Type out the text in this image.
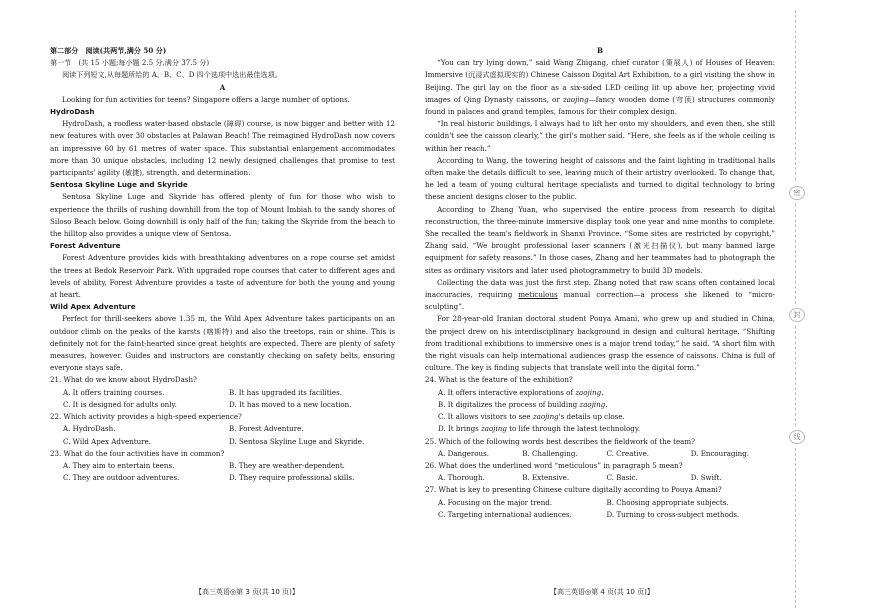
第二部分　阅读(共两节,满分 50 分)

第一节　(共 15 小题;每小题 2.5 分,满分 37.5 分)

阅读下列短文,从每题所给的 A、B、C、D 四个选项中选出最佳选项。

A

Looking for fun activities for teens? Singapore offers a large number of options.

HydroDash

HydroDash, a roofless water-based obstacle (障碍) course, is now bigger and better with 12 new features with over 30 obstacles at Palawan Beach! The reimagined HydroDash now covers an impressive 60 by 61 metres of water space. This substantial enlargement accommodates more than 30 unique obstacles, including 12 newly designed challenges that promise to test participants' agility (敏捷), strength, and determination.

Sentosa Skyline Luge and Skyride

Sentosa Skyline Luge and Skyride has offered plenty of fun for those who wish to experience the thrills of rushing downhill from the top of Mount Imbiah to the sandy shores of Siloso Beach below. Going downhill is only half of the fun; taking the Skyride from the beach to the hilltop also provides a unique view of Sentosa.

Forest Adventure

Forest Adventure provides kids with breathtaking adventures on a rope course set amidst the trees at Bedok Reservoir Park. With upgraded rope courses that cater to different ages and levels of ability, Forest Adventure provides a taste of adventure for both the young and young at heart.

Wild Apex Adventure

Perfect for thrill-seekers above 1.35 m, the Wild Apex Adventure takes participants on an outdoor climb on the peaks of the karsts (喀斯特) and also the treetops, rain or shine. This is definitely not for the faint-hearted since great heights are expected. There are plenty of safety measures, however. Guides and instructors are constantly checking on safety belts, ensuring everyone stays safe.

21. What do we know about HydroDash?

A. It offers training courses.	B. It has upgraded its facilities.
C. It is designed for adults only.	D. It has moved to a new location.

22. Which activity provides a high-speed experience?

A. HydroDash.	B. Forest Adventure.
C. Wild Apex Adventure.	D. Sentosa Skyline Luge and Skyride.

23. What do the four activities have in common?

A. They aim to entertain teens.	B. They are weather-dependent.
C. They are outdoor adventures.	D. They require professional skills.

B

“You can try lying down,” said Wang Zhigang, chief curator (策展人) of Houses of Heaven: Immersive (沉浸式虚拟现实的) Chinese Caisson Digital Art Exhibition, to a girl visiting the show in Beijing. The girl lay on the floor as a six-sided LED ceiling lit up above her, projecting vivid images of Qing Dynasty caissons, or zaojing—fancy wooden dome (穹顶) structures commonly found in palaces and grand temples, famous for their complex design.

“In real historic buildings, I always had to lift her onto my shoulders, and even then, she still couldn't see the caisson clearly,” the girl's mother said. “Here, she feels as if the whole ceiling is within her reach.”

According to Wang, the towering height of caissons and the faint lighting in traditional halls often make the details difficult to see, leaving much of their artistry overlooked. To change that, he led a team of young cultural heritage specialists and turned to digital technology to bring these ancient designs closer to the public.

According to Zhang Yuan, who supervised the entire process from research to digital reconstruction, the three-minute immersive display took one year and nine months to complete. She recalled the team's fieldwork in Shanxi Province. “Some sites are restricted by copyright,” Zhang said. “We brought professional laser scanners (激光扫描仪), but many banned large equipment for safety reasons.” In those cases, Zhang and her teammates had to photograph the sites as ordinary visitors and later used photogrammetry to build 3D models.

Collecting the data was just the first step. Zhang noted that raw scans often contained local inaccuracies, requiring meticulous manual correction—a process she likened to “micro-sculpting”.

For 28-year-old Iranian doctoral student Pouya Amani, who grew up and studied in China, the project drew on his interdisciplinary background in design and cultural heritage. “Shifting from traditional exhibitions to immersive ones is a major trend today,” he said. “A short film with the right visuals can help international audiences grasp the essence of caissons. China is full of culture. The key is finding subjects that translate well into the digital form.”

24. What is the feature of the exhibition?

A. It offers interactive explorations of zaojing.
B. It digitalizes the process of building zaojing.
C. It allows visitors to see zaojing's details up close.
D. It brings zaojing to life through the latest technology.

25. Which of the following words best describes the fieldwork of the team?

A. Dangerous.	B. Challenging.	C. Creative.	D. Encouraging.

26. What does the underlined word “meticulous” in paragraph 5 mean?

A. Thorough.	B. Extensive.	C. Basic.	D. Swift.

27. What is key to presenting Chinese culture digitally according to Pouya Amani?

A. Focusing on the major trend.	B. Choosing appropriate subjects.
C. Targeting international audiences.	D. Turning to cross-subject methods.
【高三英语◎第 3 页(共 10 页)】	【高三英语◎第 4 页(共 10 页)】
密
封
线
